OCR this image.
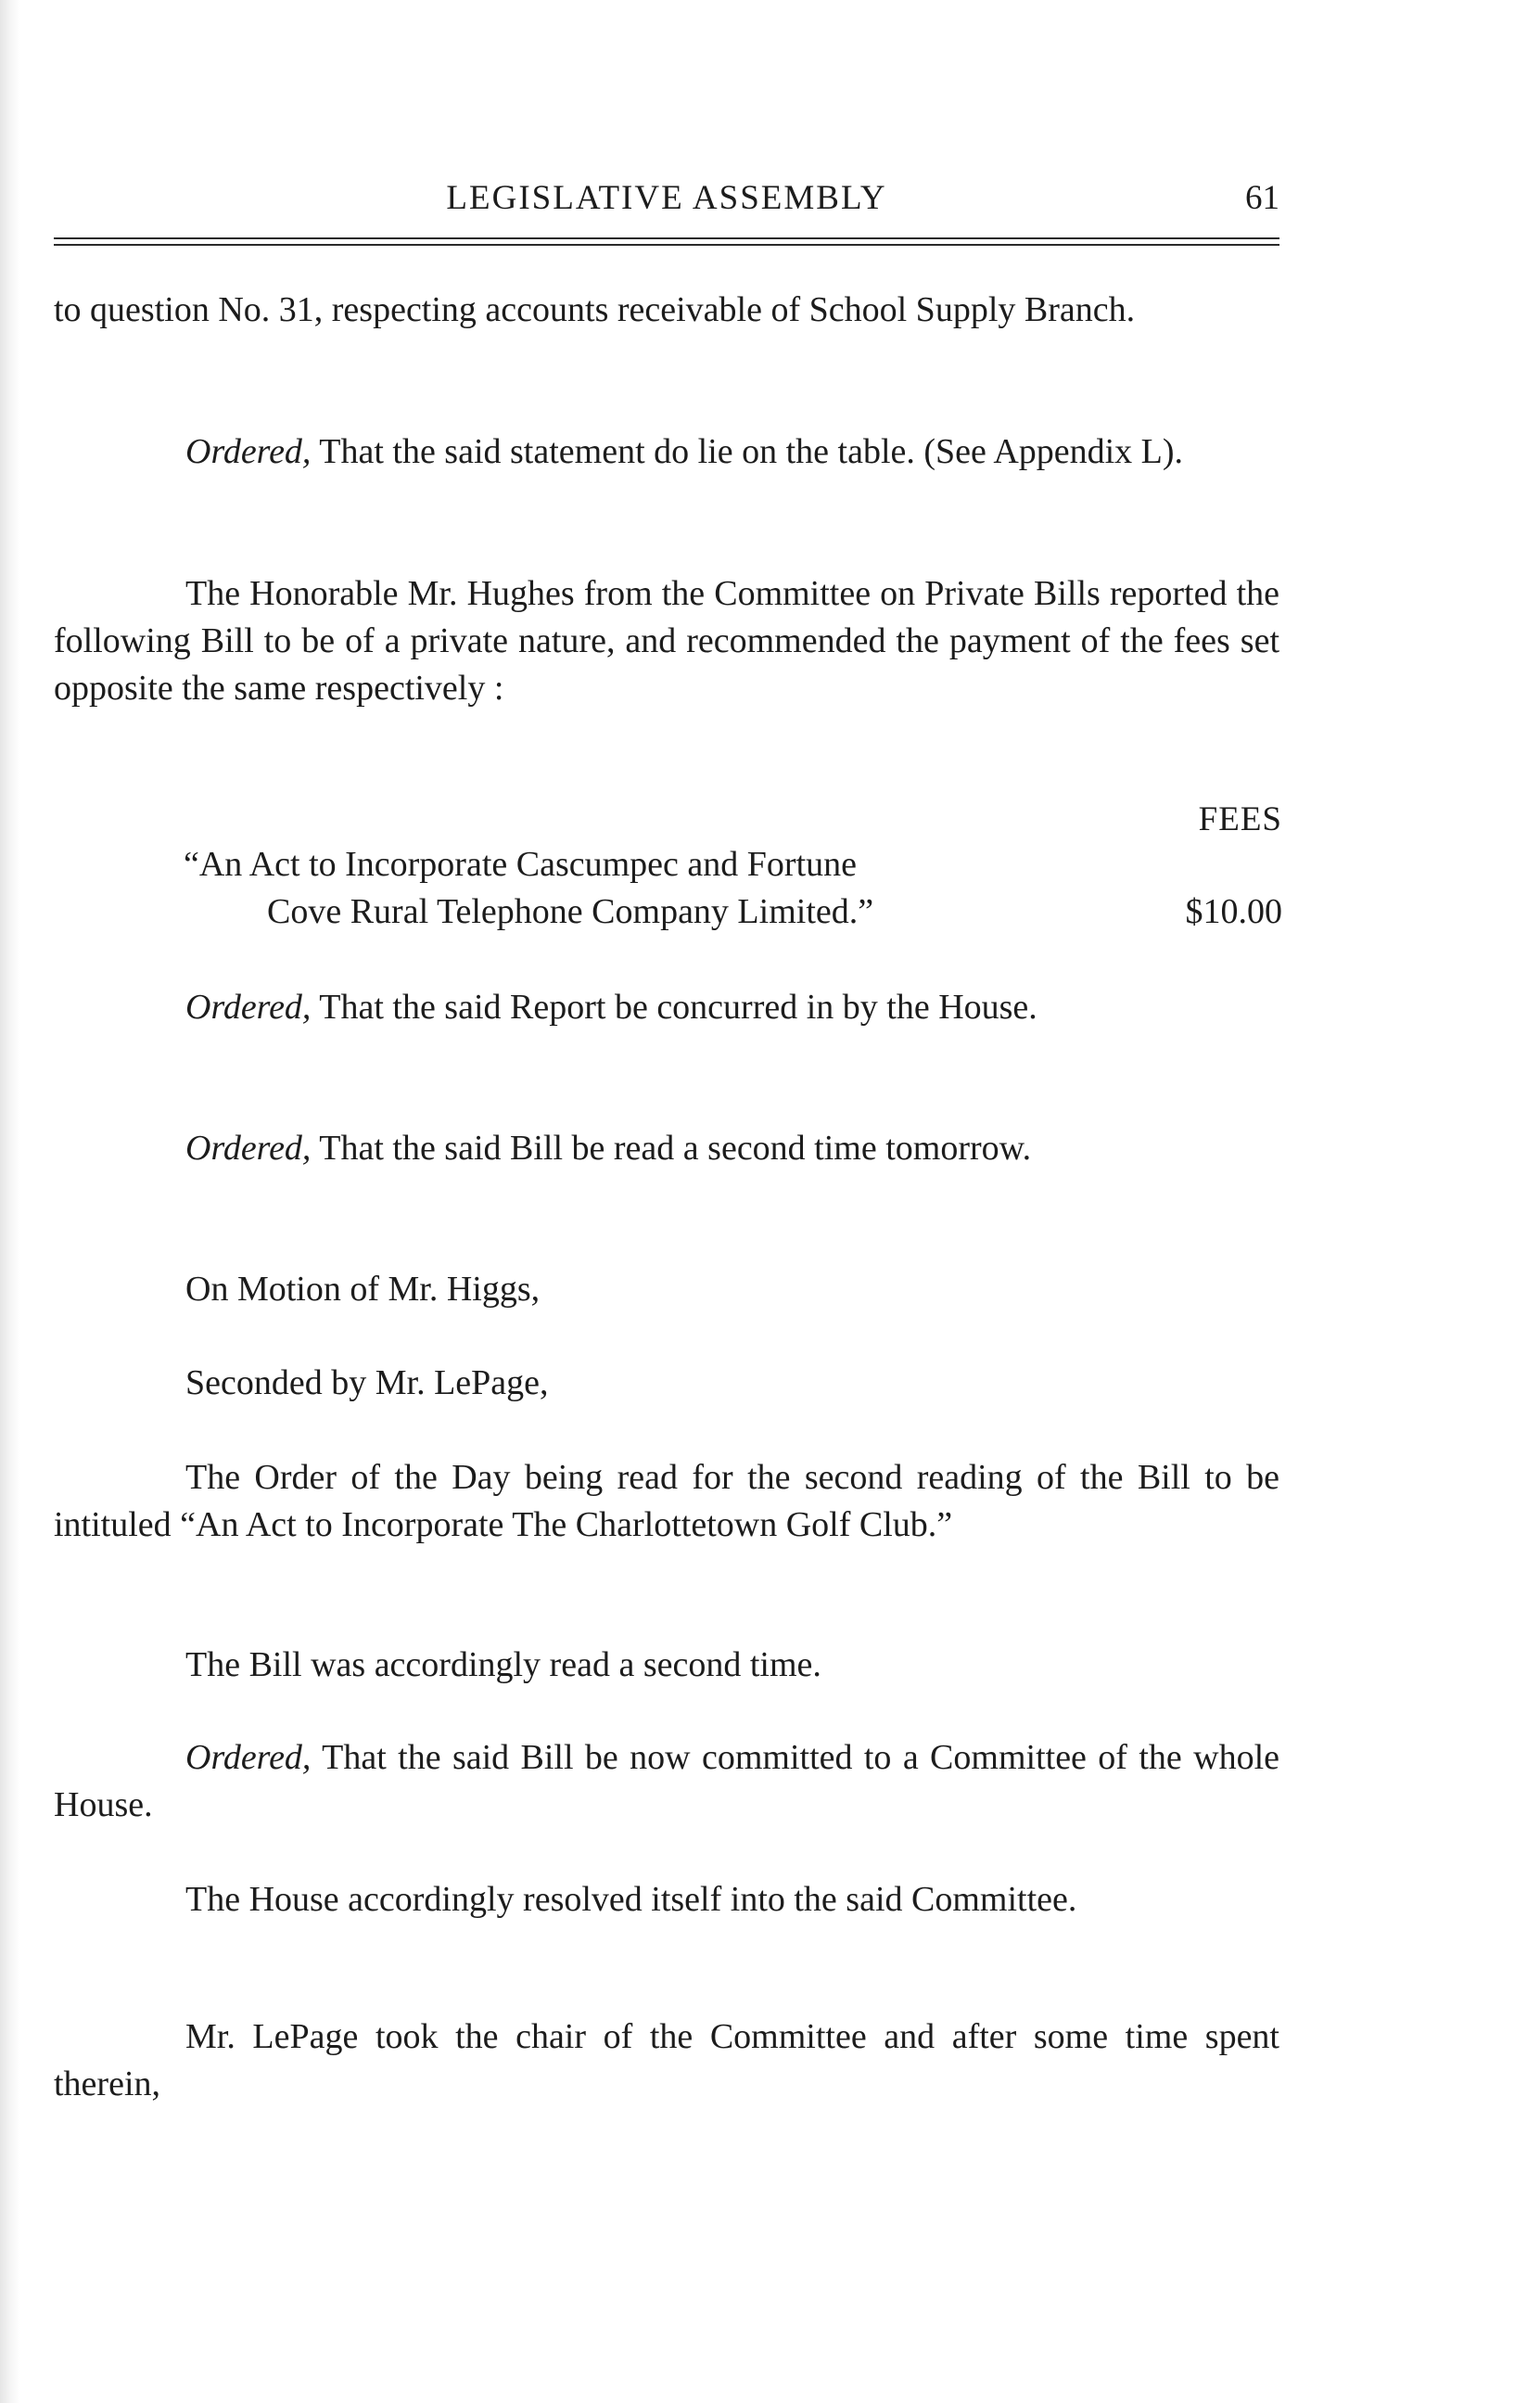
LEGISLATIVE ASSEMBLY	61

to question No. 31, respecting accounts receivable of School Supply Branch.

Ordered, That the said statement do lie on the table. (See Appendix L).

The Honorable Mr. Hughes from the Committee on Private Bills reported the following Bill to be of a private nature, and recommended the payment of the fees set opposite the same respectively :

FEES
“An Act to Incorporate Cascumpec and Fortune
Cove Rural Telephone Company Limited.”	$10.00

Ordered, That the said Report be concurred in by the House.

Ordered, That the said Bill be read a second time tomorrow.

On Motion of Mr. Higgs,

Seconded by Mr. LePage,

The Order of the Day being read for the second reading of the Bill to be intituled “An Act to Incorporate The Charlottetown Golf Club.”

The Bill was accordingly read a second time.

Ordered, That the said Bill be now committed to a Committee of the whole House.

The House accordingly resolved itself into the said Committee.

Mr. LePage took the chair of the Committee and after some time spent therein,
